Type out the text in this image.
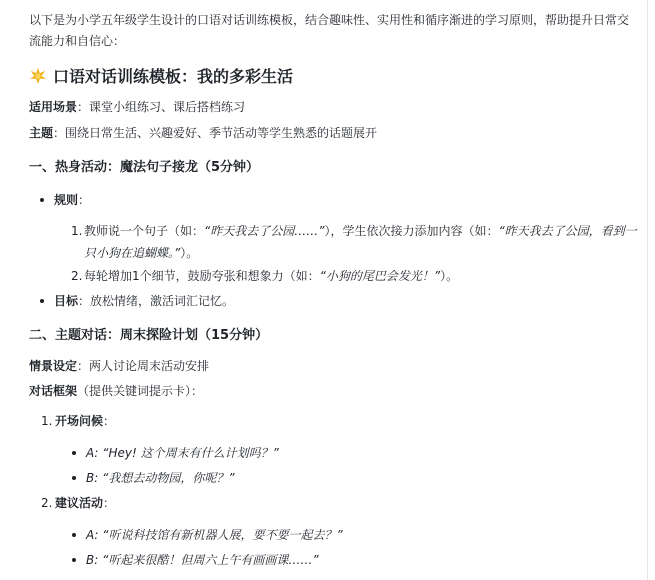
以下是为小学五年级学生设计的口语对话训练模板，结合趣味性、实用性和循序渐进的学习原则，帮助提升日常交流能力和自信心：
口语对话训练模板：我的多彩生活
适用场景：课堂小组练习、课后搭档练习
主题：围绕日常生活、兴趣爱好、季节活动等学生熟悉的话题展开
一、热身活动：魔法句子接龙（5分钟）
规则：
1. 教师说一个句子（如：“昨天我去了公园……”），学生依次接力添加内容（如：“昨天我去了公园，看到一
只小狗在追蝴蝶。”）。
2. 每轮增加1个细节，鼓励夸张和想象力（如：“小狗的尾巴会发光！”）。
目标：放松情绪，激活词汇记忆。
二、主题对话：周末探险计划（15分钟）
情景设定：两人讨论周末活动安排
对话框架（提供关键词提示卡）：
1. 开场问候：
A: “Hey! 这个周末有什么计划吗？”
B: “我想去动物园，你呢？”
2. 建议活动：
A: “听说科技馆有新机器人展，要不要一起去？”
B: “听起来很酷！但周六上午有画画课……”
